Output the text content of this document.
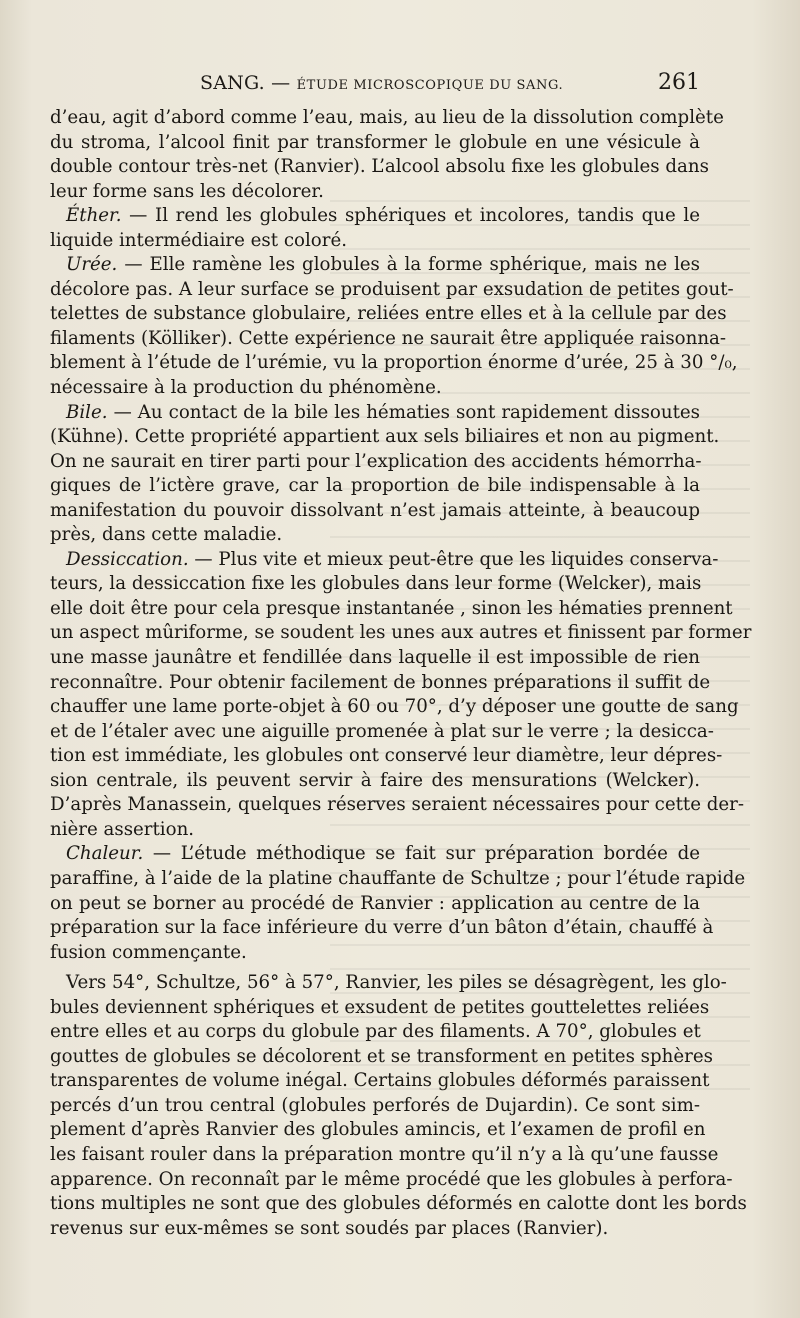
SANG. — ÉTUDE MICROSCOPIQUE DU SANG.	261
d’eau, agit d’abord comme l’eau, mais, au lieu de la dissolution complète
du stroma, l’alcool finit par transformer le globule en une vésicule à
double contour très-net (Ranvier). L’alcool absolu fixe les globules dans
leur forme sans les décolorer.
Éther. — Il rend les globules sphériques et incolores, tandis que le
liquide intermédiaire est coloré.
Urée. — Elle ramène les globules à la forme sphérique, mais ne les
décolore pas. A leur surface se produisent par exsudation de petites gout-
telettes de substance globulaire, reliées entre elles et à la cellule par des
filaments (Kölliker). Cette expérience ne saurait être appliquée raisonna-
blement à l’étude de l’urémie, vu la proportion énorme d’urée, 25 à 30 °/₀,
nécessaire à la production du phénomène.
Bile. — Au contact de la bile les hématies sont rapidement dissoutes
(Kühne). Cette propriété appartient aux sels biliaires et non au pigment.
On ne saurait en tirer parti pour l’explication des accidents hémorrha-
giques de l’ictère grave, car la proportion de bile indispensable à la
manifestation du pouvoir dissolvant n’est jamais atteinte, à beaucoup
près, dans cette maladie.
Dessiccation. — Plus vite et mieux peut-être que les liquides conserva-
teurs, la dessiccation fixe les globules dans leur forme (Welcker), mais
elle doit être pour cela presque instantanée , sinon les hématies prennent
un aspect mûriforme, se soudent les unes aux autres et finissent par former
une masse jaunâtre et fendillée dans laquelle il est impossible de rien
reconnaître. Pour obtenir facilement de bonnes préparations il suffit de
chauffer une lame porte-objet à 60 ou 70°, d’y déposer une goutte de sang
et de l’étaler avec une aiguille promenée à plat sur le verre ; la desicca-
tion est immédiate, les globules ont conservé leur diamètre, leur dépres-
sion centrale, ils peuvent servir à faire des mensurations (Welcker).
D’après Manassein, quelques réserves seraient nécessaires pour cette der-
nière assertion.
Chaleur. — L’étude méthodique se fait sur préparation bordée de
paraffine, à l’aide de la platine chauffante de Schultze ; pour l’étude rapide
on peut se borner au procédé de Ranvier : application au centre de la
préparation sur la face inférieure du verre d’un bâton d’étain, chauffé à
fusion commençante.
Vers 54°, Schultze, 56° à 57°, Ranvier, les piles se désagrègent, les glo-
bules deviennent sphériques et exsudent de petites gouttelettes reliées
entre elles et au corps du globule par des filaments. A 70°, globules et
gouttes de globules se décolorent et se transforment en petites sphères
transparentes de volume inégal. Certains globules déformés paraissent
percés d’un trou central (globules perforés de Dujardin). Ce sont sim-
plement d’après Ranvier des globules amincis, et l’examen de profil en
les faisant rouler dans la préparation montre qu’il n’y a là qu’une fausse
apparence. On reconnaît par le même procédé que les globules à perfora-
tions multiples ne sont que des globules déformés en calotte dont les bords
revenus sur eux-mêmes se sont soudés par places (Ranvier).
